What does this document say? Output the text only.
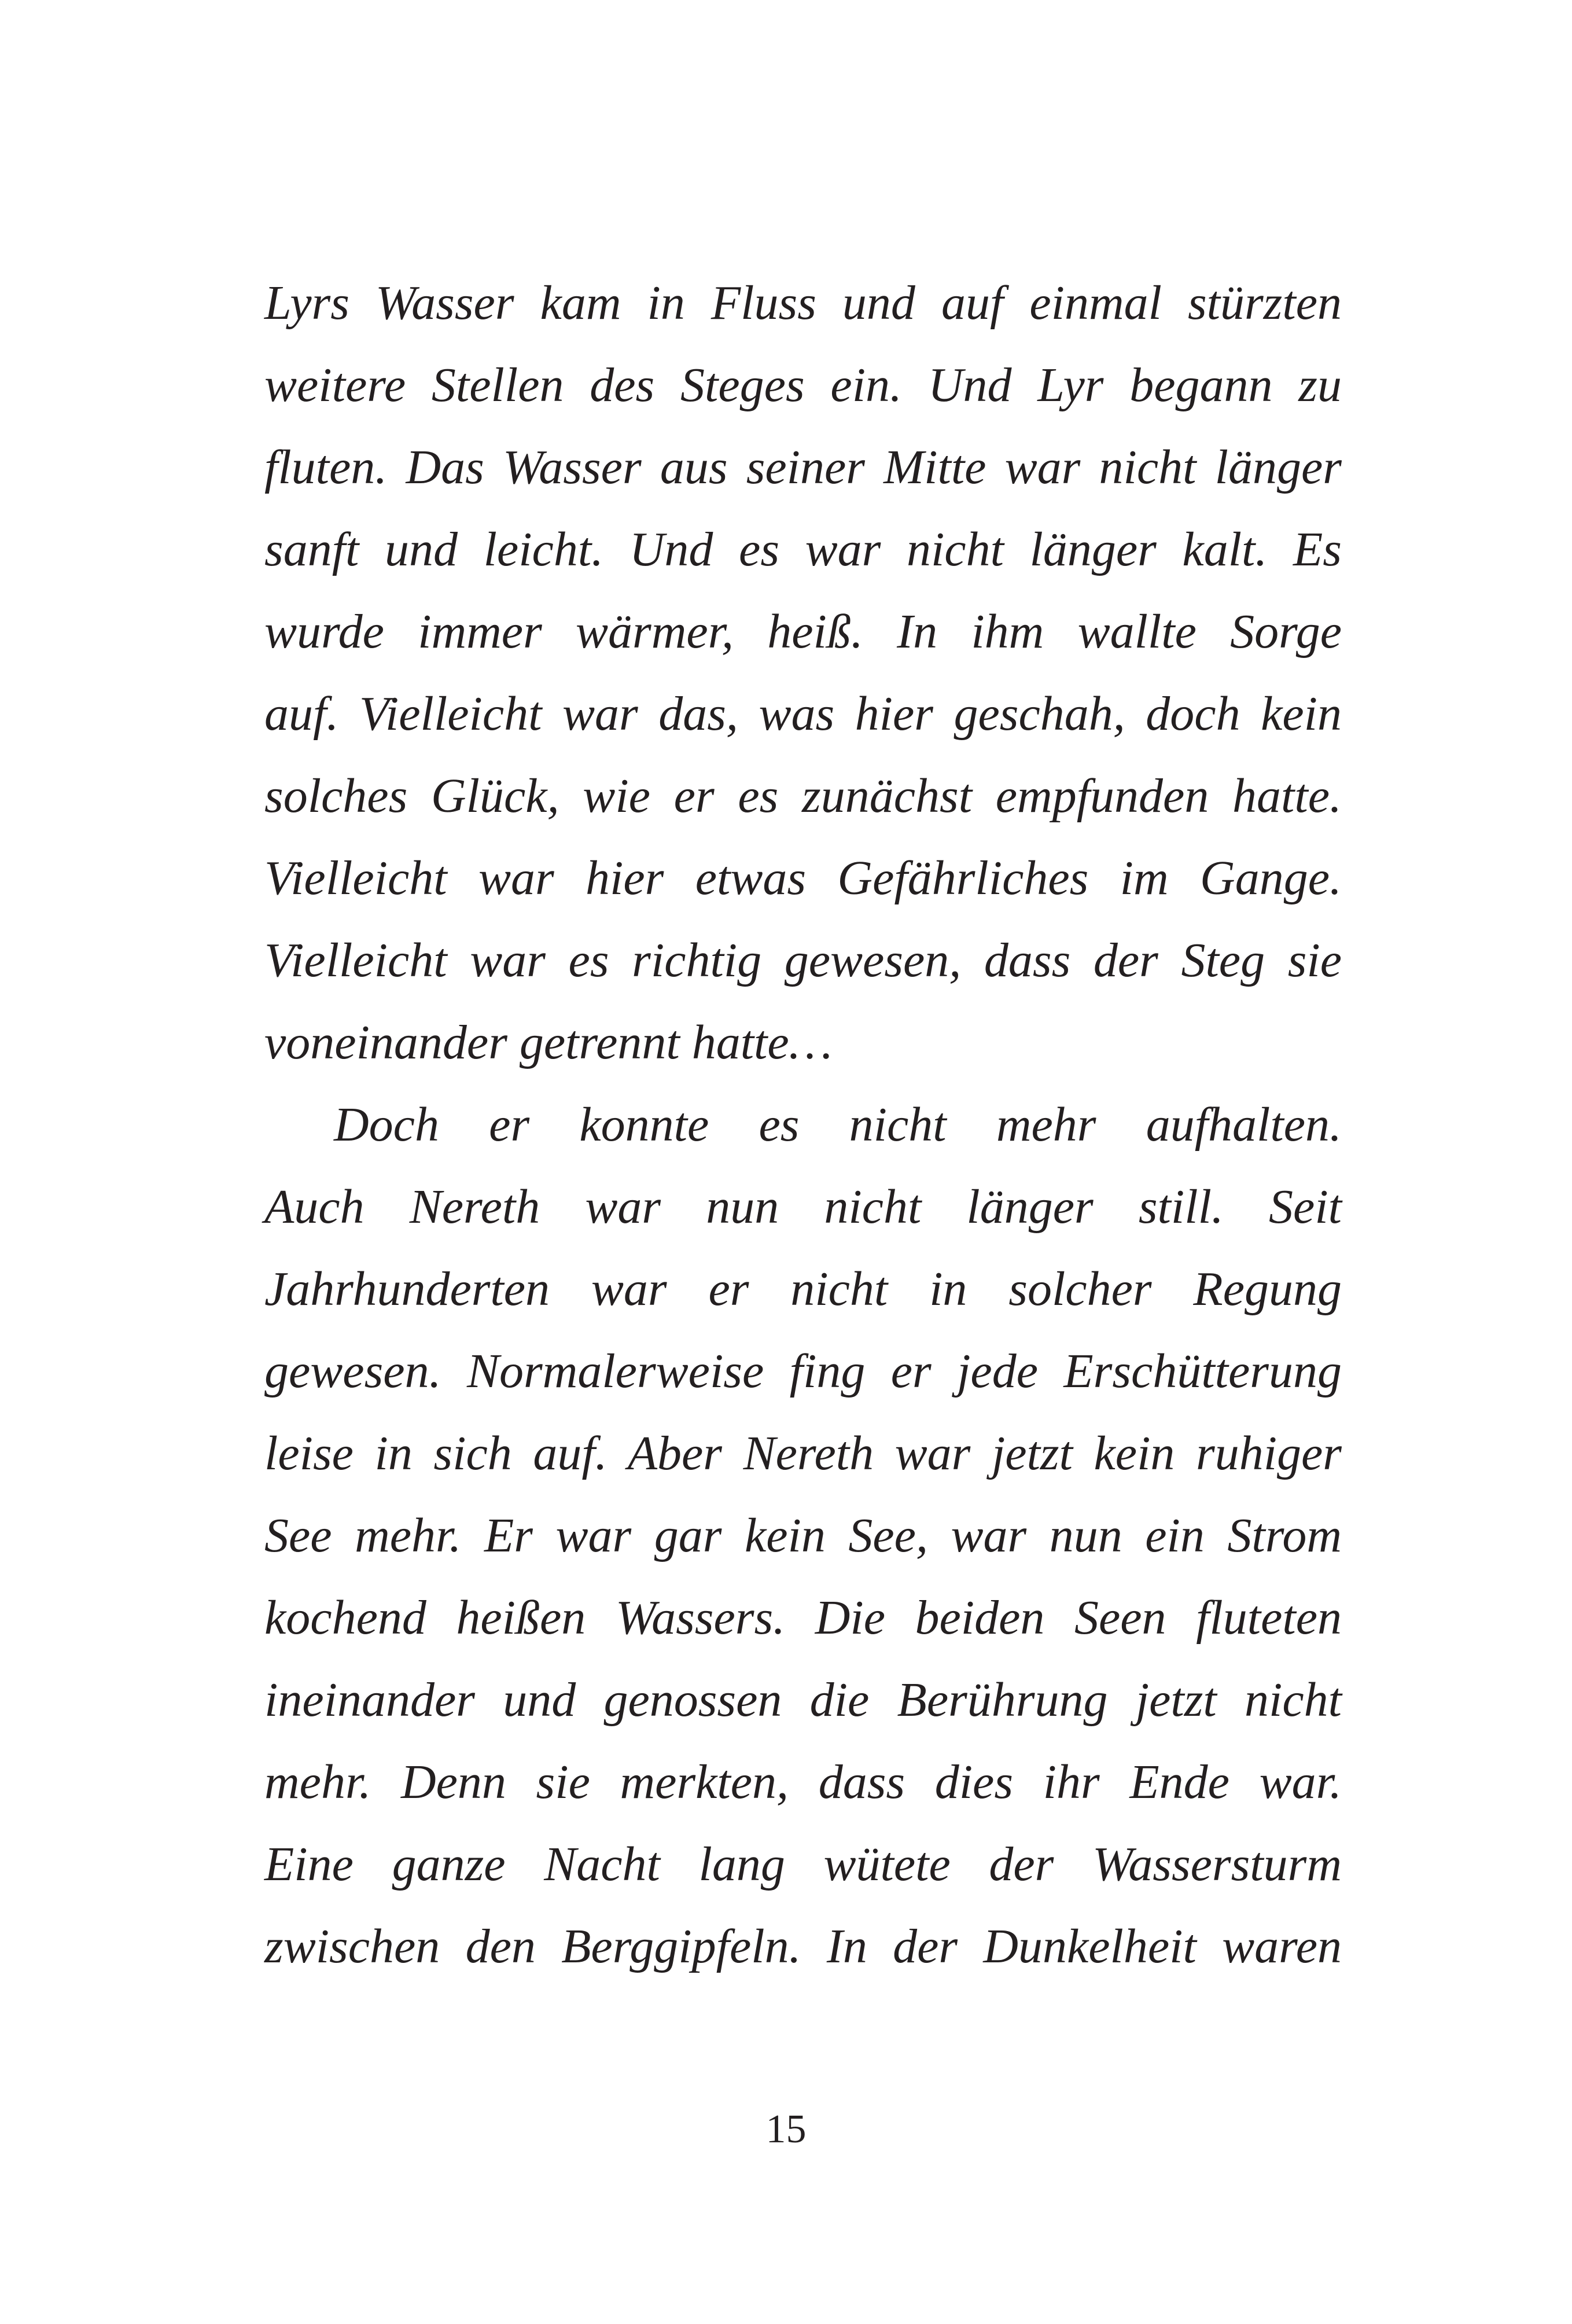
Lyrs Wasser kam in Fluss und auf einmal stürzten
weitere Stellen des Steges ein. Und Lyr begann zu
fluten. Das Wasser aus seiner Mitte war nicht länger
sanft und leicht. Und es war nicht länger kalt. Es
wurde immer wärmer, heiß. In ihm wallte Sorge
auf. Vielleicht war das, was hier geschah, doch kein
solches Glück, wie er es zunächst empfunden hatte.
Vielleicht war hier etwas Gefährliches im Gange.
Vielleicht war es richtig gewesen, dass der Steg sie
voneinander getrennt hatte…
Doch er konnte es nicht mehr aufhalten.
Auch Nereth war nun nicht länger still. Seit
Jahrhunderten war er nicht in solcher Regung
gewesen. Normalerweise fing er jede Erschütterung
leise in sich auf. Aber Nereth war jetzt kein ruhiger
See mehr. Er war gar kein See, war nun ein Strom
kochend heißen Wassers. Die beiden Seen fluteten
ineinander und genossen die Berührung jetzt nicht
mehr. Denn sie merkten, dass dies ihr Ende war.
Eine ganze Nacht lang wütete der Wassersturm
zwischen den Berggipfeln. In der Dunkelheit waren
15
